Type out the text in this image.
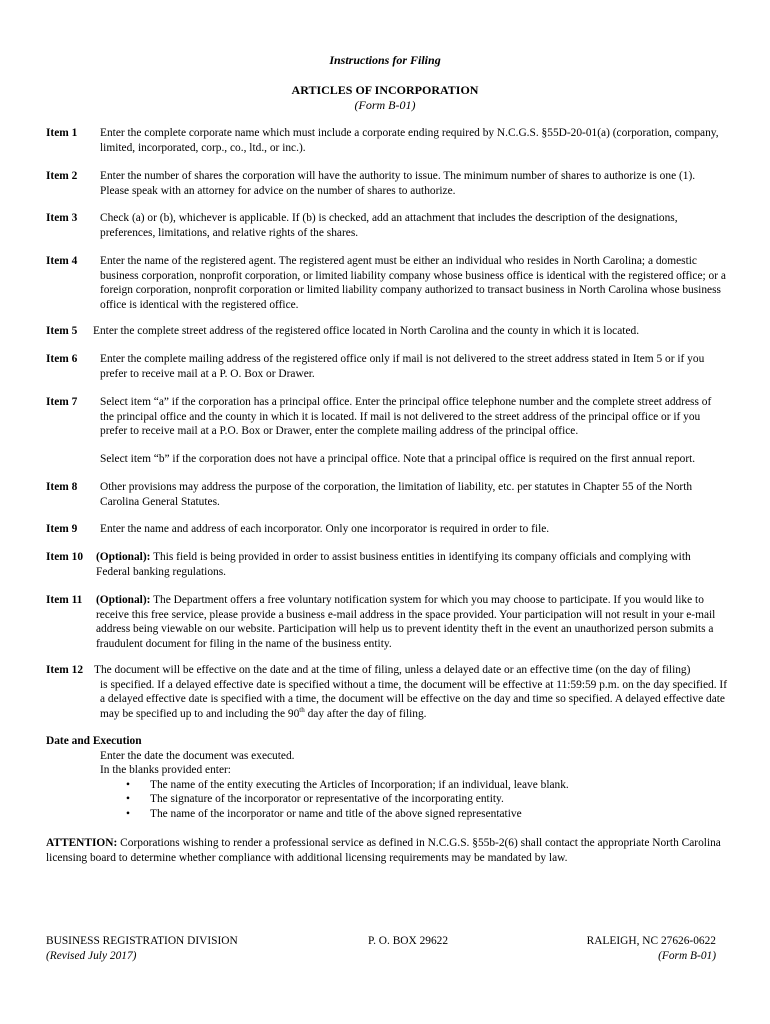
Instructions for Filing
ARTICLES OF INCORPORATION
(Form B-01)
Item 1 Enter the complete corporate name which must include a corporate ending required by N.C.G.S. §55D-20-01(a) (corporation, company, limited, incorporated, corp., co., ltd., or inc.).
Item 2 Enter the number of shares the corporation will have the authority to issue. The minimum number of shares to authorize is one (1). Please speak with an attorney for advice on the number of shares to authorize.
Item 3 Check (a) or (b), whichever is applicable. If (b) is checked, add an attachment that includes the description of the designations, preferences, limitations, and relative rights of the shares.
Item 4 Enter the name of the registered agent. The registered agent must be either an individual who resides in North Carolina; a domestic business corporation, nonprofit corporation, or limited liability company whose business office is identical with the registered office; or a foreign corporation, nonprofit corporation or limited liability company authorized to transact business in North Carolina whose business office is identical with the registered office.
Item 5 Enter the complete street address of the registered office located in North Carolina and the county in which it is located.
Item 6 Enter the complete mailing address of the registered office only if mail is not delivered to the street address stated in Item 5 or if you prefer to receive mail at a P. O. Box or Drawer.
Item 7 Select item “a” if the corporation has a principal office. Enter the principal office telephone number and the complete street address of the principal office and the county in which it is located. If mail is not delivered to the street address of the principal office or if you prefer to receive mail at a P.O. Box or Drawer, enter the complete mailing address of the principal office.
Select item “b” if the corporation does not have a principal office. Note that a principal office is required on the first annual report.
Item 8 Other provisions may address the purpose of the corporation, the limitation of liability, etc. per statutes in Chapter 55 of the North Carolina General Statutes.
Item 9 Enter the name and address of each incorporator. Only one incorporator is required in order to file.
Item 10 (Optional): This field is being provided in order to assist business entities in identifying its company officials and complying with Federal banking regulations.
Item 11 (Optional): The Department offers a free voluntary notification system for which you may choose to participate. If you would like to receive this free service, please provide a business e-mail address in the space provided. Your participation will not result in your e-mail address being viewable on our website. Participation will help us to prevent identity theft in the event an unauthorized person submits a fraudulent document for filing in the name of the business entity.
Item 12 The document will be effective on the date and at the time of filing, unless a delayed date or an effective time (on the day of filing)
is specified. If a delayed effective date is specified without a time, the document will be effective at 11:59:59 p.m. on the day specified. If a delayed effective date is specified with a time, the document will be effective on the day and time so specified. A delayed effective date may be specified up to and including the 90th day after the day of filing.
Date and Execution
Enter the date the document was executed.
In the blanks provided enter:
• The name of the entity executing the Articles of Incorporation; if an individual, leave blank.
• The signature of the incorporator or representative of the incorporating entity.
• The name of the incorporator or name and title of the above signed representative
ATTENTION: Corporations wishing to render a professional service as defined in N.C.G.S. §55b-2(6) shall contact the appropriate North Carolina licensing board to determine whether compliance with additional licensing requirements may be mandated by law.
BUSINESS REGISTRATION DIVISION	P. O. BOX 29622	RALEIGH, NC 27626-0622
(Revised July 2017)	(Form B-01)
